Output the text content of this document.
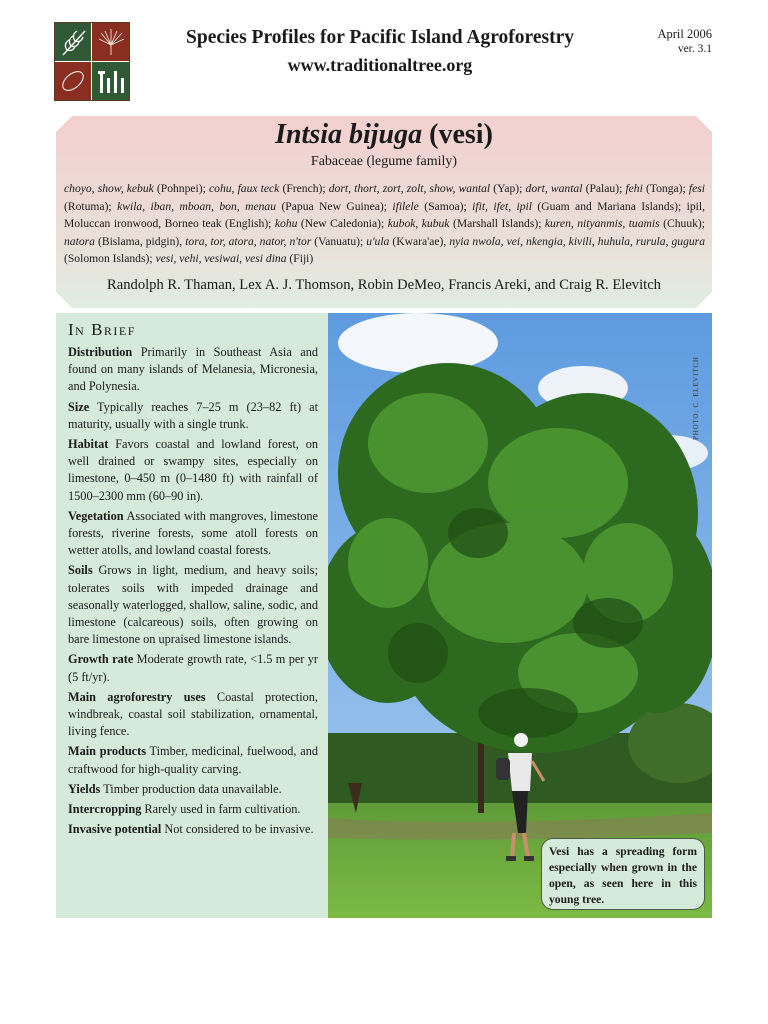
Species Profiles for Pacific Island Agroforestry
www.traditionaltree.org
April 2006
ver. 3.1
Intsia bijuga (vesi)
Fabaceae (legume family)
choyo, show, kebuk (Pohnpei); cohu, faux teck (French); dort, thort, zort, zolt, show, wantal (Yap); dort, wantal (Palau); fehi (Tonga); fesi (Rotuma); kwila, iban, mboan, bon, menau (Papua New Guinea); ifilele (Samoa); ifit, ifet, ipil (Guam and Mariana Islands); ipil, Moluccan ironwood, Borneo teak (English); kohu (New Caledonia); kubok, kubuk (Marshall Islands); kuren, nityanmis, tuamis (Chuuk); natora (Bislama, pidgin), tora, tor, atora, nator, n'tor (Vanuatu); u'ula (Kwara'ae), nyia nwola, vei, nkengia, kivili, huhula, rurula, gugura (Solomon Islands); vesi, vehi, vesiwai, vesi dina (Fiji)
Randolph R. Thaman, Lex A. J. Thomson, Robin DeMeo, Francis Areki, and Craig R. Elevitch
In Brief
Distribution Primarily in Southeast Asia and found on many islands of Melanesia, Micronesia, and Polynesia.
Size Typically reaches 7–25 m (23–82 ft) at maturity, usually with a single trunk.
Habitat Favors coastal and lowland forest, on well drained or swampy sites, especially on limestone, 0–450 m (0–1480 ft) with rainfall of 1500–2300 mm (60–90 in).
Vegetation Associated with mangroves, limestone forests, riverine forests, some atoll forests on wetter atolls, and lowland coastal forests.
Soils Grows in light, medium, and heavy soils; tolerates soils with impeded drainage and seasonally waterlogged, shallow, saline, sodic, and limestone (calcareous) soils, often growing on bare limestone on upraised limestone islands.
Growth rate Moderate growth rate, <1.5 m per yr (5 ft/yr).
Main agroforestry uses Coastal protection, windbreak, coastal soil stabilization, ornamental, living fence.
Main products Timber, medicinal, fuelwood, and craftwood for high-quality carving.
Yields Timber production data unavailable.
Intercropping Rarely used in farm cultivation.
Invasive potential Not considered to be invasive.
PHOTO: C. ELEVITCH
Vesi has a spreading form especially when grown in the open, as seen here in this young tree.
